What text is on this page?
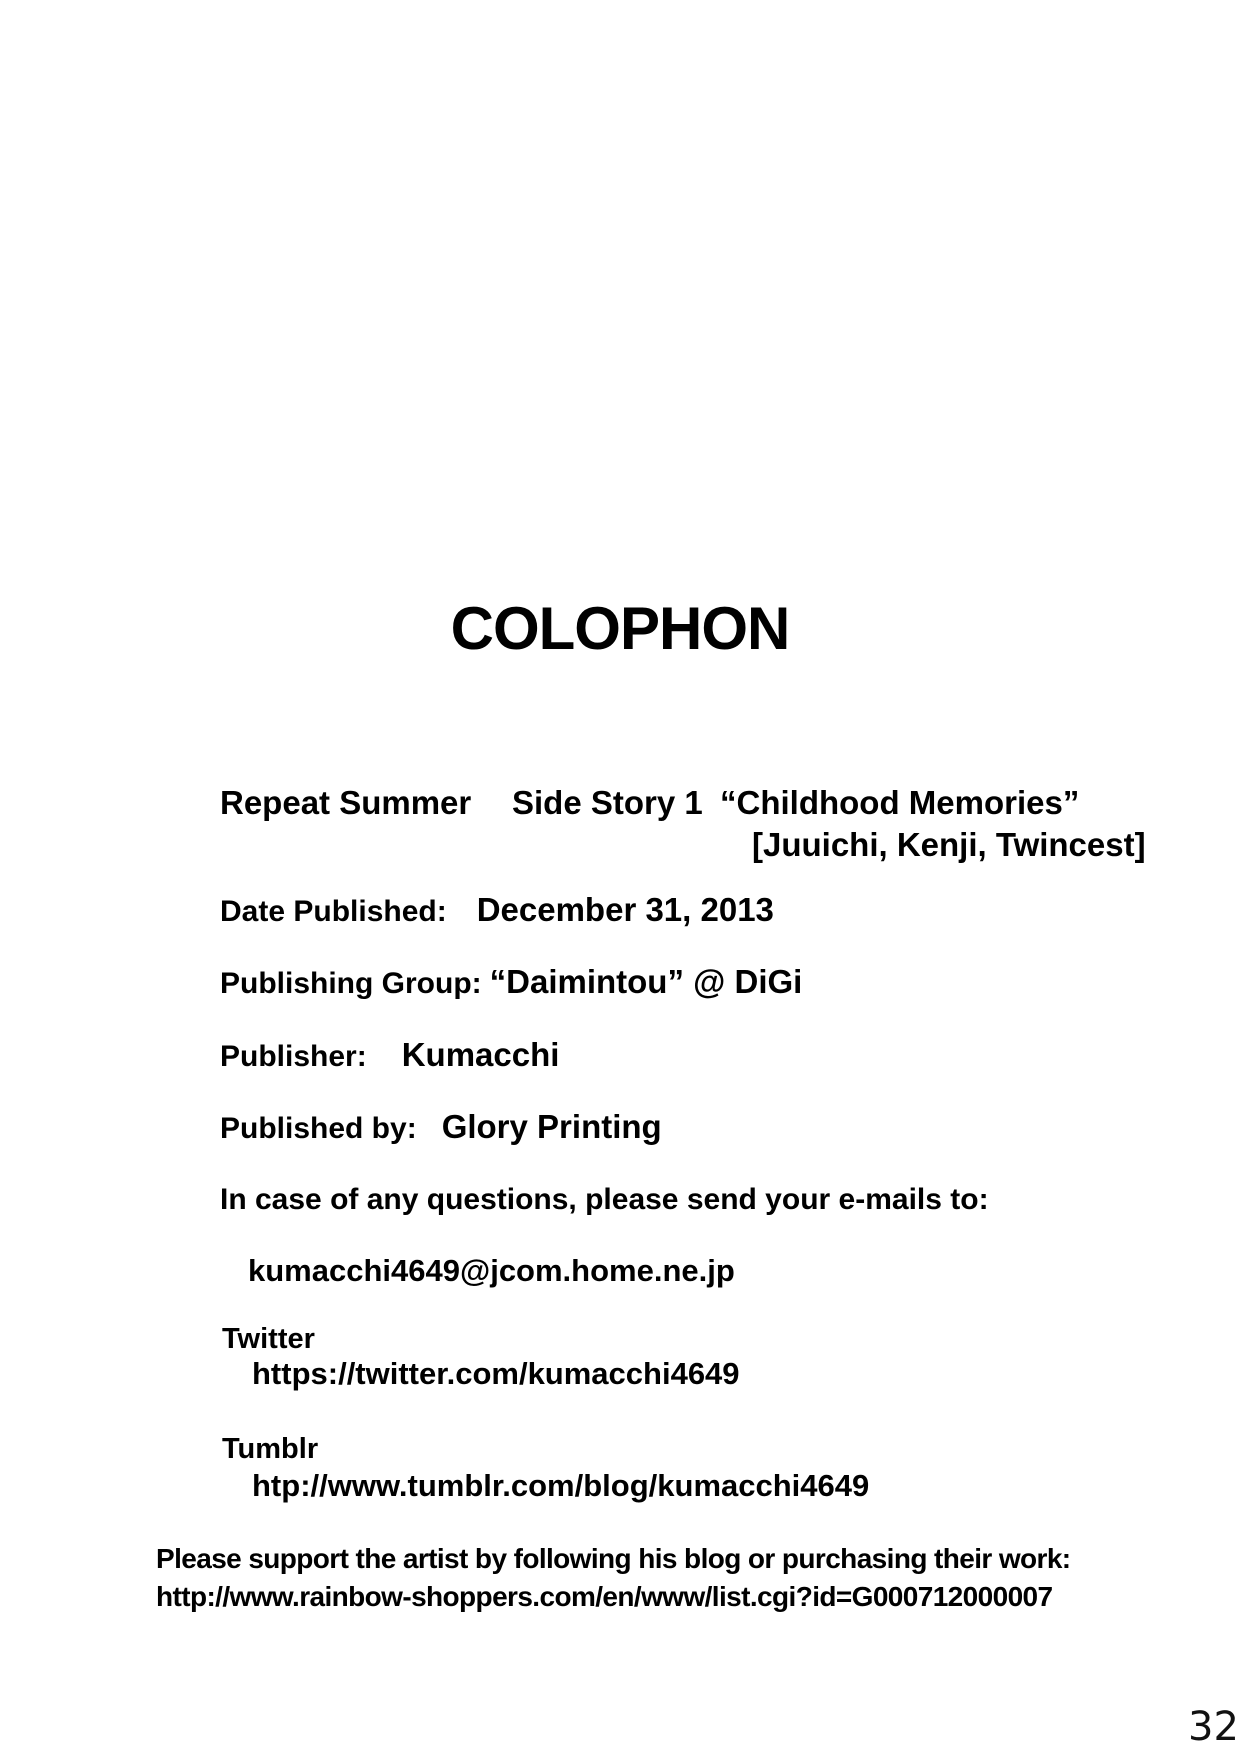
COLOPHON
Repeat Summer Side Story 1 “Childhood Memories”
[Juuichi, Kenji, Twincest]
Date Published: December 31, 2013
Publishing Group: “Daimintou” @ DiGi
Publisher: Kumacchi
Published by: Glory Printing
In case of any questions, please send your e-mails to:
kumacchi4649@jcom.home.ne.jp
Twitter
https://twitter.com/kumacchi4649
Tumblr
htp://www.tumblr.com/blog/kumacchi4649
Please support the artist by following his blog or purchasing their work:
http://www.rainbow-shoppers.com/en/www/list.cgi?id=G000712000007
32
